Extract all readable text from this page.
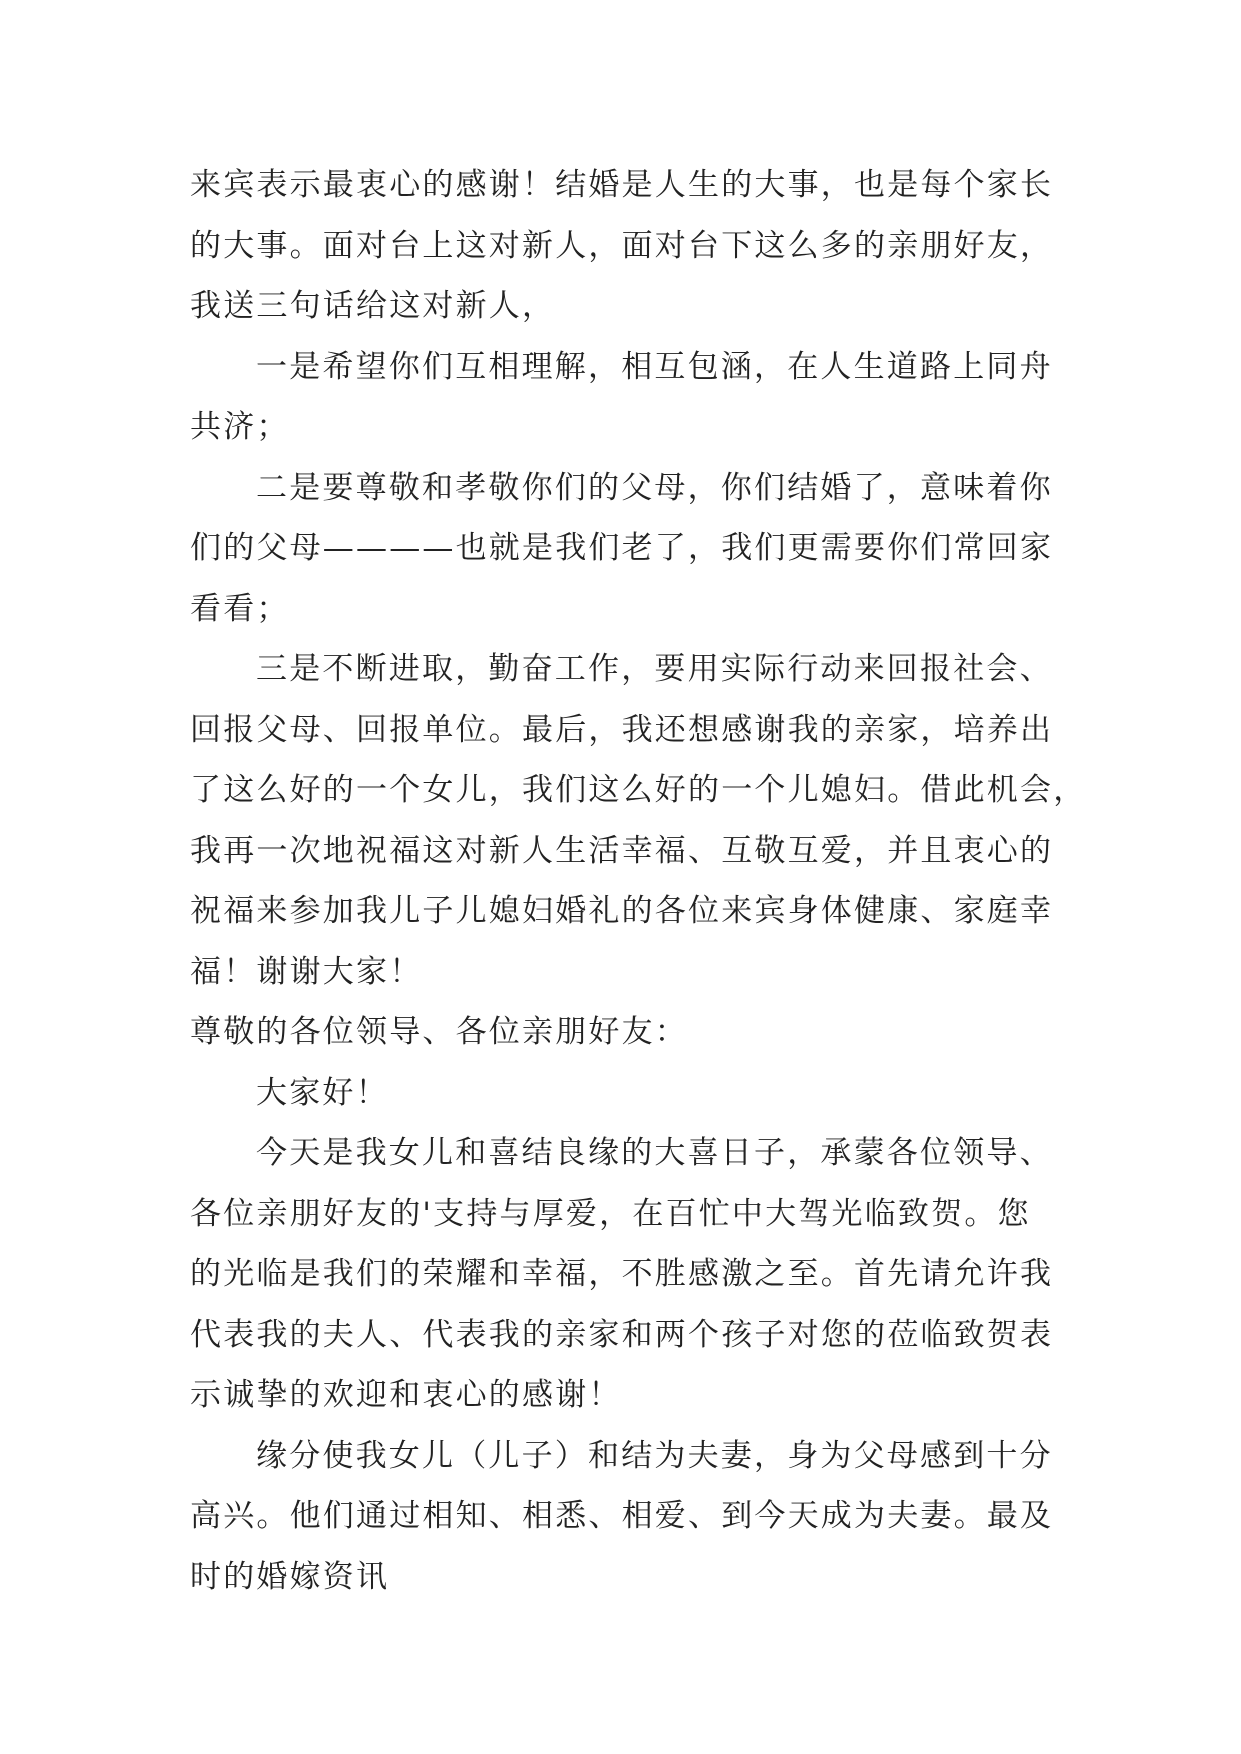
来宾表示最衷心的感谢！结婚是人生的大事，也是每个家长
的大事。面对台上这对新人，面对台下这么多的亲朋好友，
我送三句话给这对新人，
一是希望你们互相理解，相互包涵，在人生道路上同舟
共济；
二是要尊敬和孝敬你们的父母，你们结婚了，意味着你
们的父母————也就是我们老了，我们更需要你们常回家
看看；
三是不断进取，勤奋工作，要用实际行动来回报社会、
回报父母、回报单位。最后，我还想感谢我的亲家，培养出
了这么好的一个女儿，我们这么好的一个儿媳妇。借此机会，
我再一次地祝福这对新人生活幸福、互敬互爱，并且衷心的
祝福来参加我儿子儿媳妇婚礼的各位来宾身体健康、家庭幸
福！谢谢大家！
尊敬的各位领导、各位亲朋好友：
大家好！
今天是我女儿和喜结良缘的大喜日子，承蒙各位领导、
各位亲朋好友的'支持与厚爱，在百忙中大驾光临致贺。您
的光临是我们的荣耀和幸福，不胜感激之至。首先请允许我
代表我的夫人、代表我的亲家和两个孩子对您的莅临致贺表
示诚挚的欢迎和衷心的感谢！
缘分使我女儿（儿子）和结为夫妻，身为父母感到十分
高兴。他们通过相知、相悉、相爱、到今天成为夫妻。最及
时的婚嫁资讯
